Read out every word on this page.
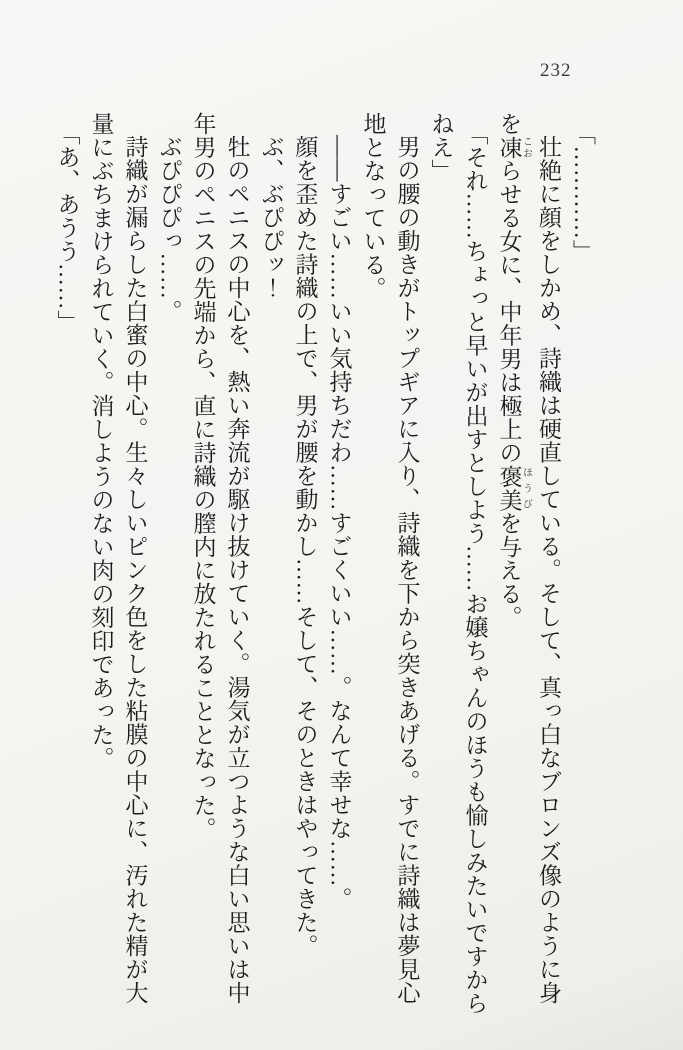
232

「…………」

壮絶に顔をしかめ、詩織は硬直している。そして、真っ白なブロンズ像のように身

を凍 こおらせる女に、中年男は極上の褒美 ほうびを与える。

「それ……ちょっと早いが出すとしよう……お嬢ちゃんのほうも愉しみたいですから

ねえ」

男の腰の動きがトップギアに入り、詩織を下から突きあげる。すでに詩織は夢見心

地となっている。

——すごい……いい気持ちだわ……すごくいい……。なんて幸せな……。

顔を歪めた詩織の上で、男が腰を動かし……そして、そのときはやってきた。

ぶ、ぶぴぴッ！

牡のペニスの中心を、熱い奔流が駆け抜けていく。湯気が立つような白い思いは中

年男のペニスの先端から、直に詩織の膣内に放たれることとなった。

ぶぴぴぴっ……。

詩織が漏らした白蜜の中心。生々しいピンク色をした粘膜の中心に、汚れた精が大

量にぶちまけられていく。消しようのない肉の刻印であった。

「あ、あうう……」
